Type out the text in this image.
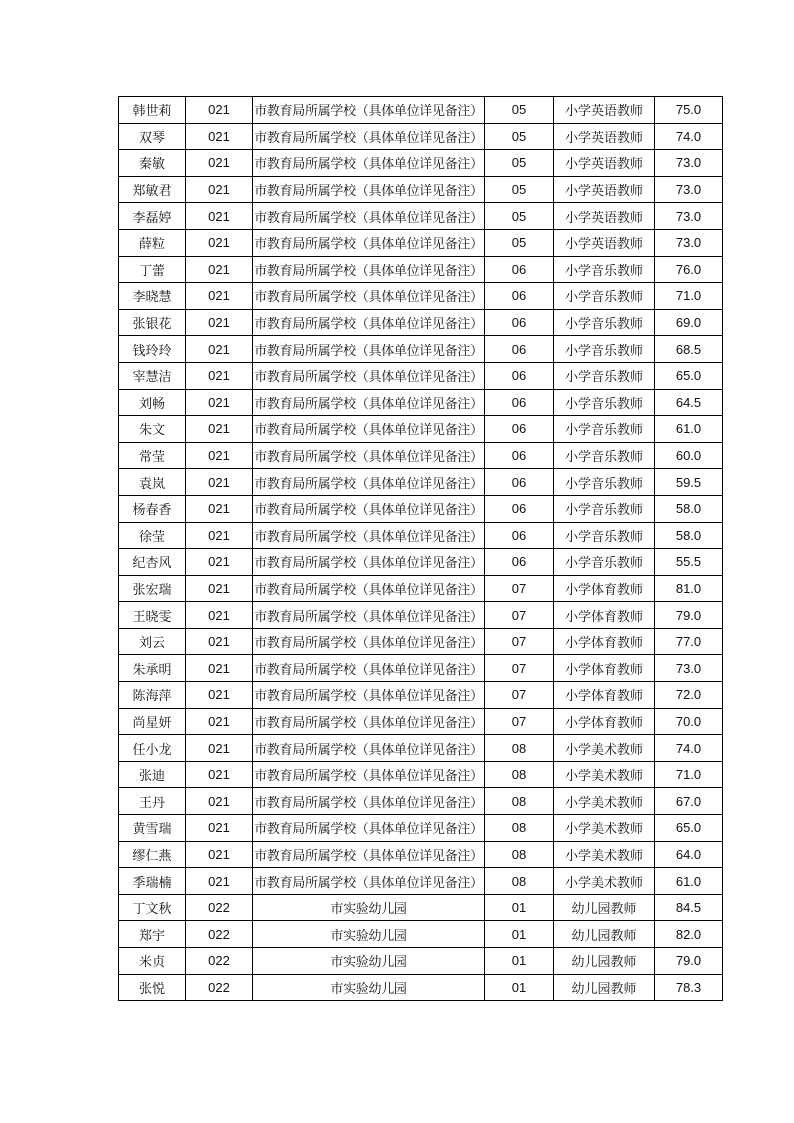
韩世莉	021	市教育局所属学校（具体单位详见备注）	05	小学英语教师	75.0
双琴	021	市教育局所属学校（具体单位详见备注）	05	小学英语教师	74.0
秦敏	021	市教育局所属学校（具体单位详见备注）	05	小学英语教师	73.0
郑敏君	021	市教育局所属学校（具体单位详见备注）	05	小学英语教师	73.0
李磊婷	021	市教育局所属学校（具体单位详见备注）	05	小学英语教师	73.0
薛粒	021	市教育局所属学校（具体单位详见备注）	05	小学英语教师	73.0
丁蕾	021	市教育局所属学校（具体单位详见备注）	06	小学音乐教师	76.0
李晓慧	021	市教育局所属学校（具体单位详见备注）	06	小学音乐教师	71.0
张银花	021	市教育局所属学校（具体单位详见备注）	06	小学音乐教师	69.0
钱玲玲	021	市教育局所属学校（具体单位详见备注）	06	小学音乐教师	68.5
宰慧洁	021	市教育局所属学校（具体单位详见备注）	06	小学音乐教师	65.0
刘畅	021	市教育局所属学校（具体单位详见备注）	06	小学音乐教师	64.5
朱文	021	市教育局所属学校（具体单位详见备注）	06	小学音乐教师	61.0
常莹	021	市教育局所属学校（具体单位详见备注）	06	小学音乐教师	60.0
袁岚	021	市教育局所属学校（具体单位详见备注）	06	小学音乐教师	59.5
杨春香	021	市教育局所属学校（具体单位详见备注）	06	小学音乐教师	58.0
徐莹	021	市教育局所属学校（具体单位详见备注）	06	小学音乐教师	58.0
纪杏风	021	市教育局所属学校（具体单位详见备注）	06	小学音乐教师	55.5
张宏瑞	021	市教育局所属学校（具体单位详见备注）	07	小学体育教师	81.0
王晓雯	021	市教育局所属学校（具体单位详见备注）	07	小学体育教师	79.0
刘云	021	市教育局所属学校（具体单位详见备注）	07	小学体育教师	77.0
朱承明	021	市教育局所属学校（具体单位详见备注）	07	小学体育教师	73.0
陈海萍	021	市教育局所属学校（具体单位详见备注）	07	小学体育教师	72.0
尚星妍	021	市教育局所属学校（具体单位详见备注）	07	小学体育教师	70.0
任小龙	021	市教育局所属学校（具体单位详见备注）	08	小学美术教师	74.0
张迪	021	市教育局所属学校（具体单位详见备注）	08	小学美术教师	71.0
王丹	021	市教育局所属学校（具体单位详见备注）	08	小学美术教师	67.0
黄雪瑞	021	市教育局所属学校（具体单位详见备注）	08	小学美术教师	65.0
缪仁燕	021	市教育局所属学校（具体单位详见备注）	08	小学美术教师	64.0
季瑞楠	021	市教育局所属学校（具体单位详见备注）	08	小学美术教师	61.0
丁文秋	022	市实验幼儿园	01	幼儿园教师	84.5
郑宇	022	市实验幼儿园	01	幼儿园教师	82.0
米贞	022	市实验幼儿园	01	幼儿园教师	79.0
张悦	022	市实验幼儿园	01	幼儿园教师	78.3
